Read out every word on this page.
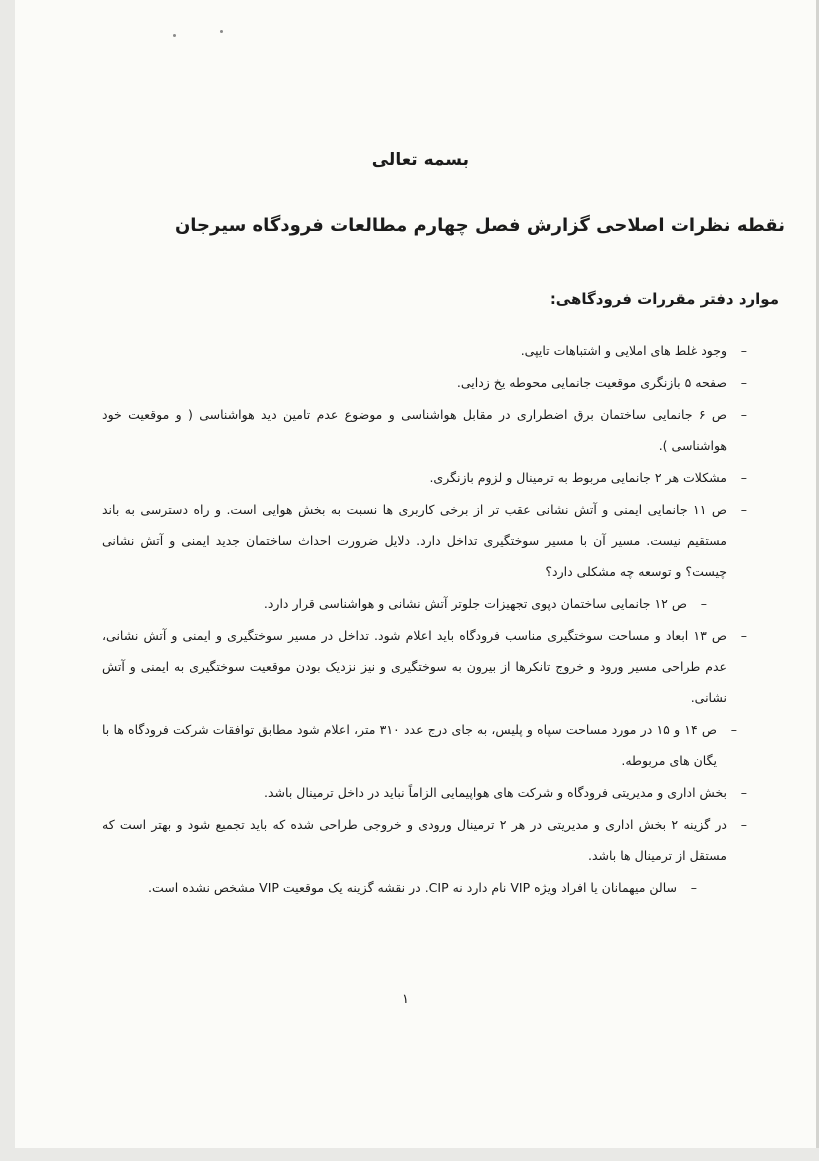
بسمه تعالی
نقطه نظرات اصلاحی گزارش فصل چهارم مطالعات فرودگاه سیرجان
موارد دفتر مقررات فرودگاهی:
–
وجود غلط های املایی و اشتباهات تایپی.
–
صفحه ۵ بازنگری موقعیت جانمایی محوطه یخ زدایی.
–
ص ۶ جانمایی ساختمان برق اضطراری در مقابل هواشناسی و موضوع عدم تامین دید هواشناسی ( و موقعیت خود هواشناسی ).
–
مشکلات هر ۲ جانمایی مربوط به ترمینال و لزوم بازنگری.
–
ص ۱۱ جانمایی ایمنی و آتش نشانی عقب تر از برخی کاربری ها نسبت به بخش هوایی است. و راه دسترسی به باند مستقیم نیست. مسیر آن با مسیر سوختگیری تداخل دارد. دلایل ضرورت احداث ساختمان جدید ایمنی و آتش نشانی چیست؟ و توسعه چه مشکلی دارد؟
–
ص ۱۲ جانمایی ساختمان دپوی تجهیزات جلوتر آتش نشانی و هواشناسی قرار دارد.
–
ص ۱۳ ابعاد و مساحت سوختگیری مناسب فرودگاه باید اعلام شود. تداخل در مسیر سوختگیری و ایمنی و آتش نشانی، عدم طراحی مسیر ورود و خروج تانکرها از بیرون به سوختگیری و نیز نزدیک بودن موقعیت سوختگیری به ایمنی و آتش نشانی.
–
ص ۱۴ و ۱۵ در مورد مساحت سپاه و پلیس، به جای درج عدد ۳۱۰ متر، اعلام شود مطابق توافقات شرکت فرودگاه ها با یگان های مربوطه.
–
بخش اداری و مدیریتی فرودگاه و شرکت های هواپیمایی الزاماً نباید در داخل ترمینال باشد.
–
در گزینه ۲ بخش اداری و مدیریتی در هر ۲ ترمینال ورودی و خروجی طراحی شده که باید تجمیع شود و بهتر است که مستقل از ترمینال ها باشد.
–
سالن میهمانان یا افراد ویژه VIP نام دارد نه CIP. در نقشه گزینه یک موقعیت VIP مشخص نشده است.
۱
